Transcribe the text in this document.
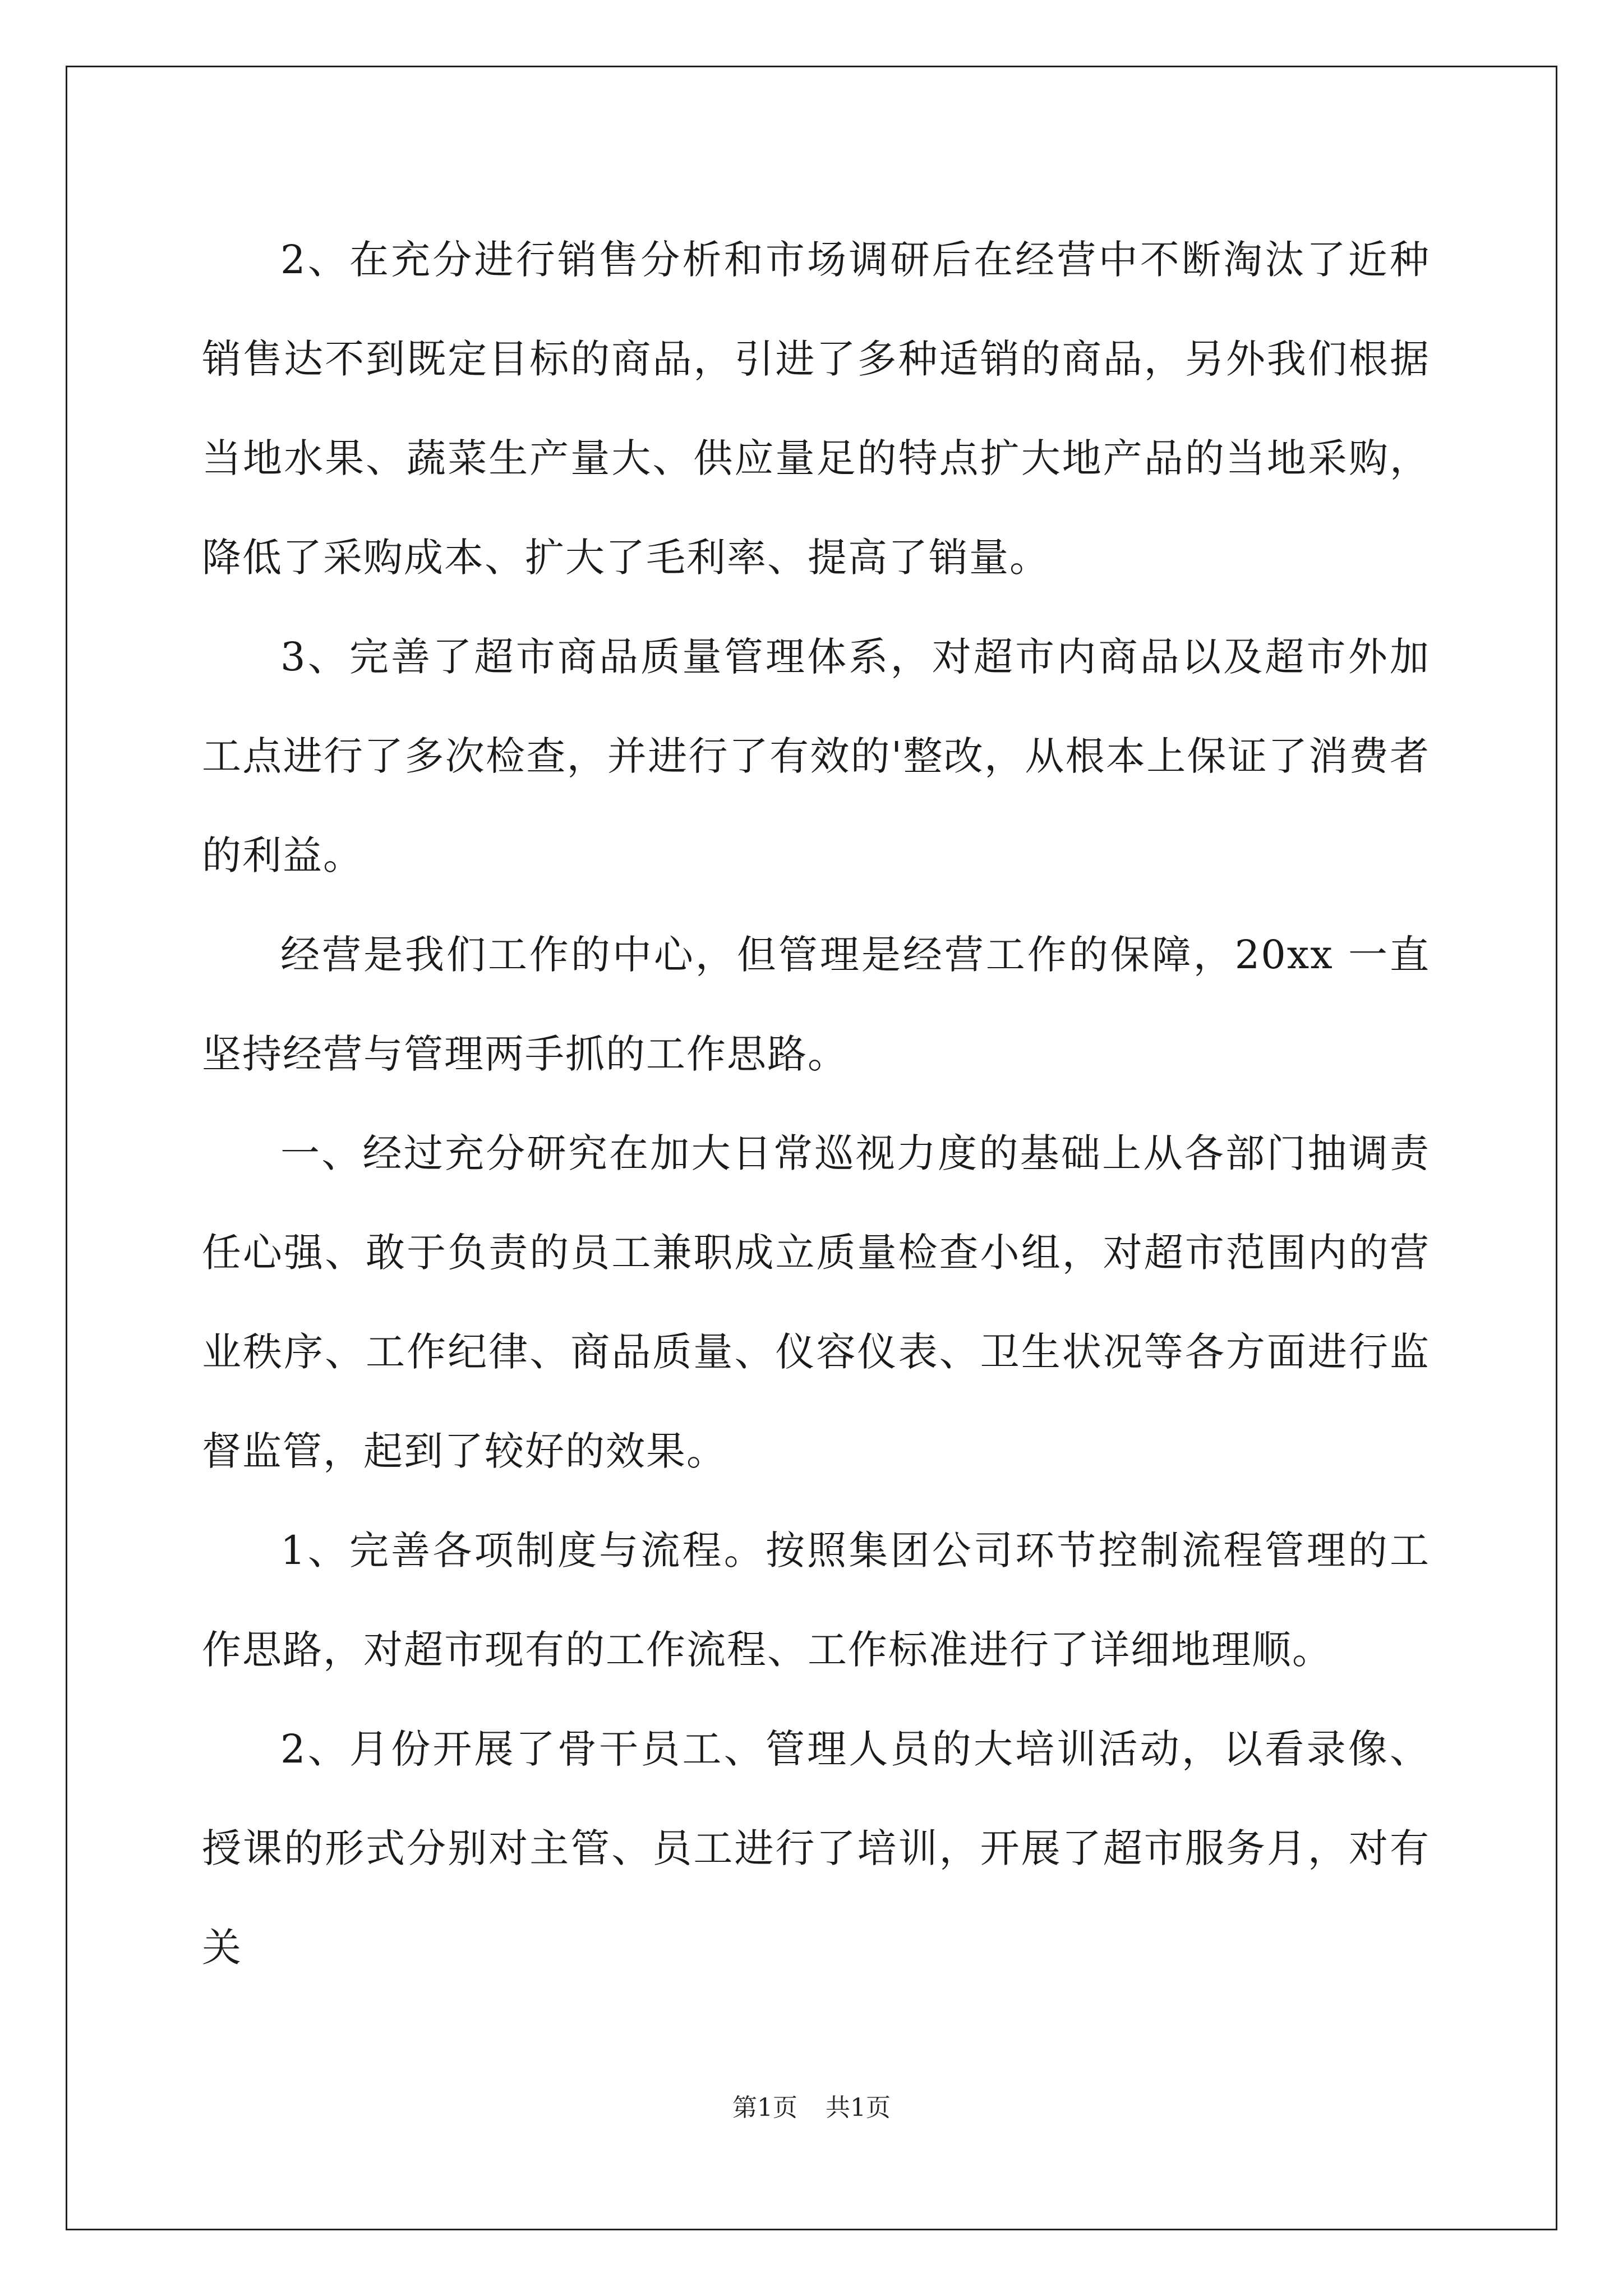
2、在充分进行销售分析和市场调研后在经营中不断淘汰了近种销售达不到既定目标的商品，引进了多种适销的商品，另外我们根据当地水果、蔬菜生产量大、供应量足的特点扩大地产品的当地采购，降低了采购成本、扩大了毛利率、提高了销量。

3、完善了超市商品质量管理体系，对超市内商品以及超市外加工点进行了多次检查，并进行了有效的'整改，从根本上保证了消费者的利益。

经营是我们工作的中心，但管理是经营工作的保障，20xx 一直坚持经营与管理两手抓的工作思路。

一、经过充分研究在加大日常巡视力度的基础上从各部门抽调责任心强、敢于负责的员工兼职成立质量检查小组，对超市范围内的营业秩序、工作纪律、商品质量、仪容仪表、卫生状况等各方面进行监督监管，起到了较好的效果。

1、完善各项制度与流程。按照集团公司环节控制流程管理的工作思路，对超市现有的工作流程、工作标准进行了详细地理顺。

2、月份开展了骨干员工、管理人员的大培训活动，以看录像、授课的形式分别对主管、员工进行了培训，开展了超市服务月，对有关

第1页 共1页
